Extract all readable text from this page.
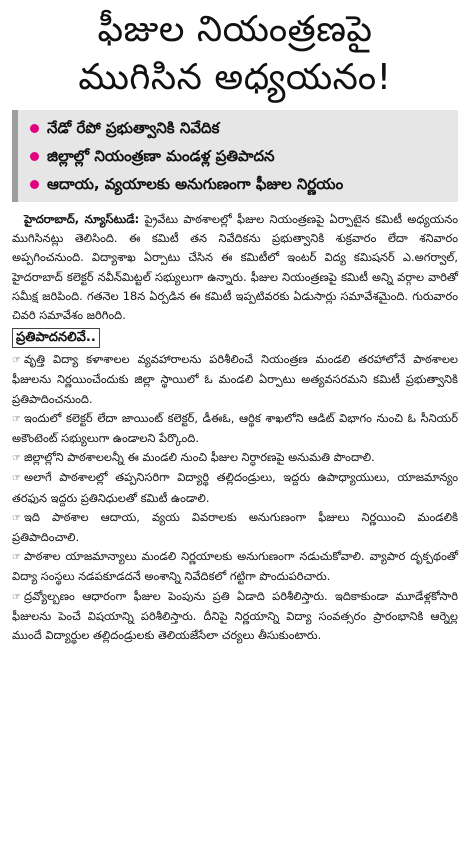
ఫీజుల నియంత్రణపై
ముగిసిన అధ్యయనం!
నేడో రేపో ప్రభుత్వానికి నివేదిక
జిల్లాల్లో నియంత్రణా మండళ్ల ప్రతిపాదన
ఆదాయ, వ్యయాలకు అనుగుణంగా ఫీజుల నిర్ణయం

హైదరాబాద్, న్యూస్‌టుడే: ప్రైవేటు పాఠశాలల్లో ఫీజుల నియంత్రణపై ఏర్పాటైన కమిటీ అధ్యయనం ముగిసినట్లు తెలిసింది. ఈ కమిటీ తన నివేదికను ప్రభుత్వానికి శుక్రవారం లేదా శనివారం అప్పగించనుంది. విద్యాశాఖ ఏర్పాటు చేసిన ఈ కమిటీలో ఇంటర్ విద్య కమిషనర్ ఎ.అగర్వాల్, హైదరాబాద్ కలెక్టర్ నవీన్‌మిట్టల్ సభ్యులుగా ఉన్నారు. ఫీజుల నియంత్రణపై కమిటీ అన్ని వర్గాల వారితో సమీక్ష జరిపింది. గతనెల 18న ఏర్పడిన ఈ కమిటీ ఇప్పటివరకు ఏడుసార్లు సమావేశమైంది. గురువారం చివరి సమావేశం జరిగింది.

ప్రతిపాదనలివే..

☞ వృత్తి విద్యా కళాశాలల వ్యవహారాలను పరిశీలించే నియంత్రణ మండలి తరహాలోనే పాఠశాలల ఫీజులను నిర్ణయించేందుకు జిల్లా స్థాయిలో ఓ మండలి ఏర్పాటు అత్యవసరమని కమిటీ ప్రభుత్వానికి ప్రతిపాదించనుంది.

☞ ఇందులో కలెక్టర్ లేదా జాయింట్ కలెక్టర్, డీఈఓ, ఆర్థిక శాఖలోని ఆడిట్ విభాగం నుంచి ఓ సీనియర్ అకౌంటెంట్ సభ్యులుగా ఉండాలని పేర్కొంది.

☞ జిల్లాల్లోని పాఠశాలలన్నీ ఈ మండలి నుంచి ఫీజుల నిర్ధారణపై అనుమతి పొందాలి.

☞ అలాగే పాఠశాలల్లో తప్పనిసరిగా విద్యార్థి తల్లిదండ్రులు, ఇద్దరు ఉపాధ్యాయులు, యాజమాన్యం తరఫున ఇద్దరు ప్రతినిధులతో కమిటీ ఉండాలి.

☞ ఇది పాఠశాల ఆదాయ, వ్యయ వివరాలకు అనుగుణంగా ఫీజులు నిర్ణయించి మండలికి ప్రతిపాదించాలి.

☞ పాఠశాల యాజమాన్యాలు మండలి నిర్ణయాలకు అనుగుణంగా నడుచుకోవాలి. వ్యాపార దృక్పథంతో విద్యా సంస్థలు నడపకూడదనే అంశాన్ని నివేదికలో గట్టిగా పొందుపరిచారు.

☞ ద్రవ్యోల్బణం ఆధారంగా ఫీజుల పెంపును ప్రతి ఏడాది పరిశీలిస్తారు. ఇదికాకుండా మూడేళ్లకోసారి ఫీజులను పెంచే విషయాన్ని పరిశీలిస్తారు. దీనిపై నిర్ణయాన్ని విద్యా సంవత్సరం ప్రారంభానికి ఆర్నెల్ల ముందే విద్యార్థుల తల్లిదండ్రులకు తెలియజేసేలా చర్యలు తీసుకుంటారు.
